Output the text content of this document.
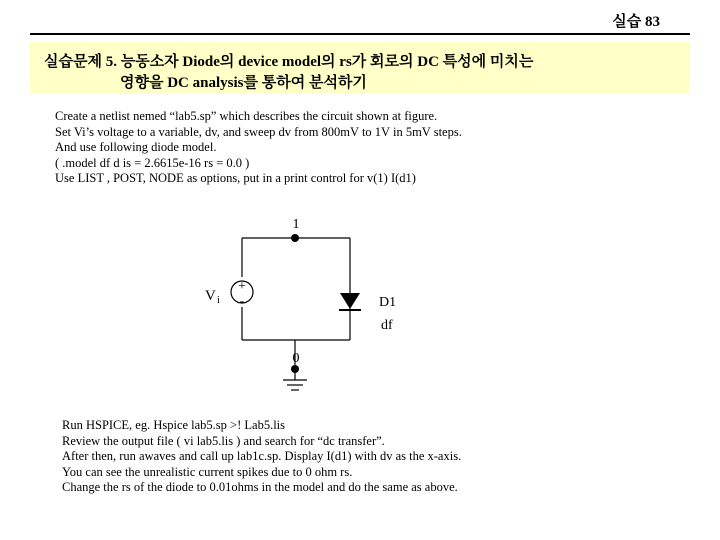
실습 83
실습문제 5. 능동소자 Diode의 device model의 rs가 회로의 DC 특성에 미치는
영향을 DC analysis를 통하여 분석하기
Create a netlist nemed “lab5.sp” which describes the circuit shown at figure.
Set Vi’s voltage to a variable, dv, and sweep dv from 800mV to 1V in 5mV steps.
And use following diode model.
( .model df d is = 2.6615e-16 rs = 0.0 )
Use LIST , POST, NODE as options, put in a print control for v(1) I(d1)
+
-
1
0
V i	D1
df
Run HSPICE, eg. Hspice lab5.sp >! Lab5.lis
Review the output file ( vi lab5.lis ) and search for “dc transfer”.
After then, run awaves and call up lab1c.sp. Display I(d1) with dv as the x-axis.
You can see the unrealistic current spikes due to 0 ohm rs.
Change the rs of the diode to 0.01ohms in the model and do the same as above.
